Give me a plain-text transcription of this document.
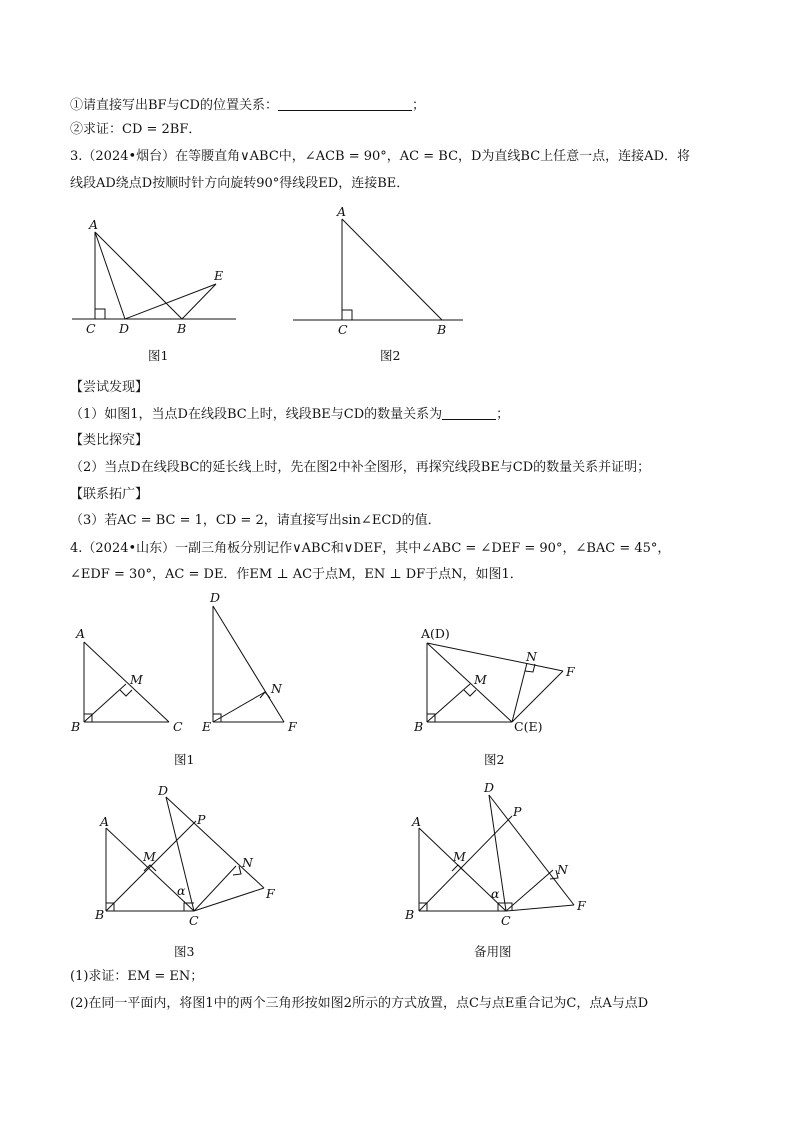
①请直接写出BF与CD的位置关系：	；
②求证：CD = 2BF．
3.（2024•烟台）在等腰直角∨ABC中，∠ACB = 90°，AC = BC，D为直线BC上任意一点，连接AD．将
线段AD绕点D按顺时针方向旋转90°得线段ED，连接BE．
A
C D	B
E
图1
A
C	B
图2
【尝试发现】
（1）如图1，当点D在线段BC上时，线段BE与CD的数量关系为	；
【类比探究】
（2）当点D在线段BC的延长线上时，先在图2中补全图形，再探究线段BE与CD的数量关系并证明；
【联系拓广】
（3）若AC = BC = 1，CD = 2，请直接写出sin∠ECD的值．
4.（2024•山东）一副三角板分别记作∨ABC和∨DEF，其中∠ABC = ∠DEF = 90°，∠BAC = 45°，
∠EDF = 30°，AC = DE．作EM ⊥ AC于点M，EN ⊥ DF于点N，如图1．
A
B	C
M
D
E	F
N
图1
A(D)
B
M
N
F
C(E)
图2
A
B	C
D
P
M	N
F
α
图3
A
B	C
D
P
M
N
F
α
备用图
(1)求证：EM = EN；
(2)在同一平面内，将图1中的两个三角形按如图2所示的方式放置，点C与点E重合记为C，点A与点D
